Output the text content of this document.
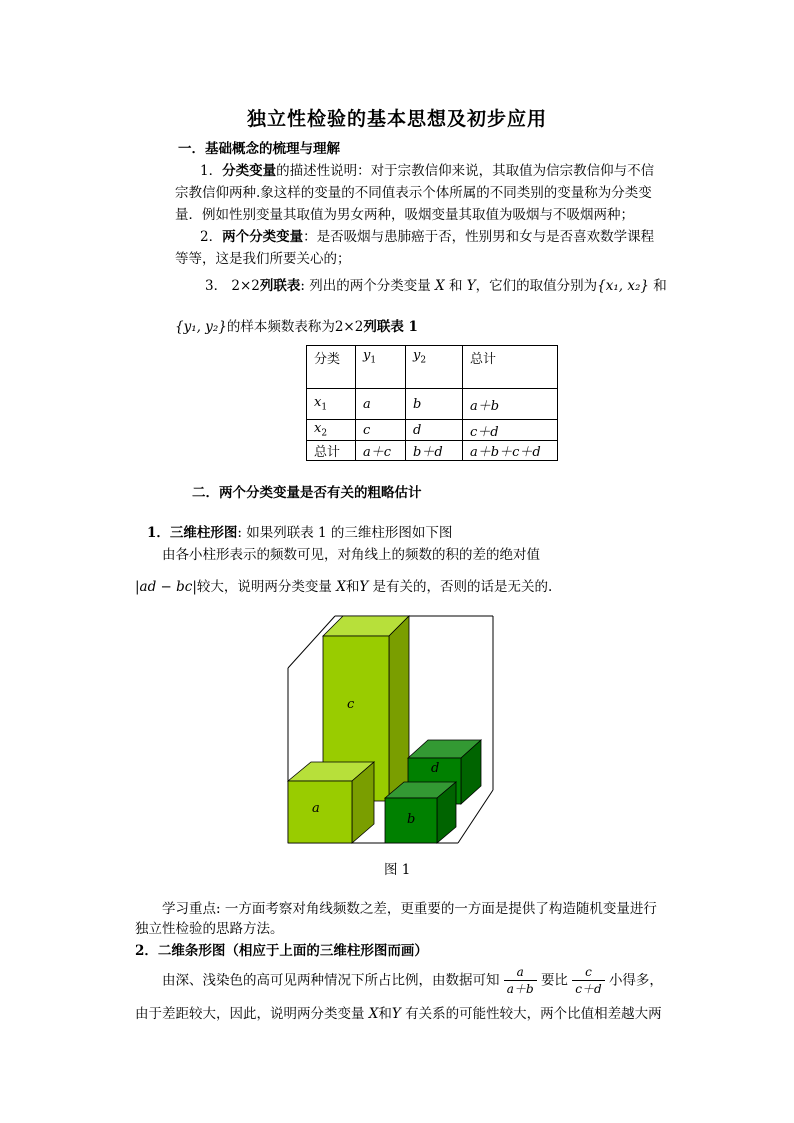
独立性检验的基本思想及初步应用
一．基础概念的梳理与理解
1．分类变量的描述性说明：对于宗教信仰来说，其取值为信宗教信仰与不信
宗教信仰两种.象这样的变量的不同值表示个体所属的不同类别的变量称为分类变
量．例如性别变量其取值为男女两种，吸烟变量其取值为吸烟与不吸烟两种；
2．两个分类变量：是否吸烟与患肺癌于否，性别男和女与是否喜欢数学课程
等等，这是我们所要关心的；
3． 2×2列联表: 列出的两个分类变量 X 和 Y，它们的取值分别为{x₁, x₂} 和
{y₁, y₂}的样本频数表称为2×2列联表 1
分类	$y_1$	$y_2$	总计
$x_1$	a	b	a＋b
$x_2$	c	d	c＋d
总计	a＋c	b＋d	a＋b＋c＋d
二．两个分类变量是否有关的粗略估计
1．三维柱形图: 如果列联表 1 的三维柱形图如下图
由各小柱形表示的频数可见，对角线上的频数的积的差的绝对值
|ad − bc|较大，说明两分类变量 X和Y 是有关的，否则的话是无关的.
c
d
a
b
图 1
学习重点: 一方面考察对角线频数之差，更重要的一方面是提供了构造随机变量进行
独立性检验的思路方法。
2．二维条形图（相应于上面的三维柱形图而画）
由深、浅染色的高可见两种情况下所占比例，由数据可知 $\frac{a}{a+b}$ 要比 $\frac{c}{c+d}$ 小得多，
由于差距较大，因此，说明两分类变量 X和Y 有关系的可能性较大，两个比值相差越大两
